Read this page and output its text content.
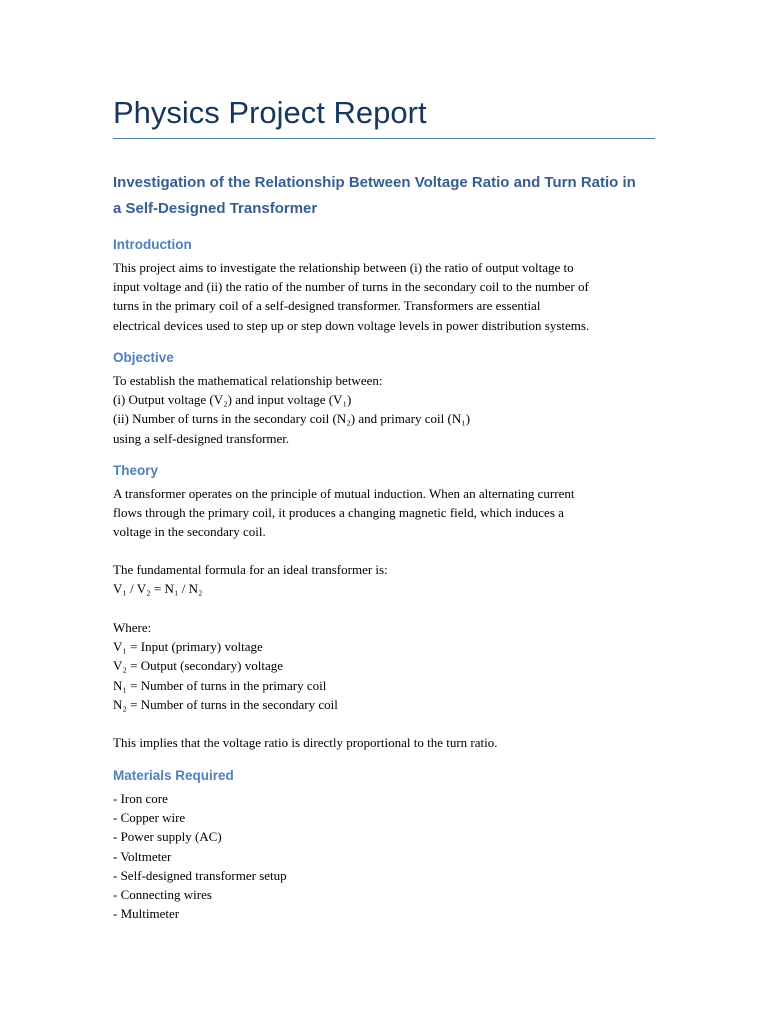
Physics Project Report
Investigation of the Relationship Between Voltage Ratio and Turn Ratio in
a Self-Designed Transformer
Introduction

This project aims to investigate the relationship between (i) the ratio of output voltage to
input voltage and (ii) the ratio of the number of turns in the secondary coil to the number of
turns in the primary coil of a self-designed transformer. Transformers are essential
electrical devices used to step up or step down voltage levels in power distribution systems.

Objective

To establish the mathematical relationship between:
(i) Output voltage (V₂) and input voltage (V₁)
(ii) Number of turns in the secondary coil (N₂) and primary coil (N₁)
using a self-designed transformer.

Theory

A transformer operates on the principle of mutual induction. When an alternating current
flows through the primary coil, it produces a changing magnetic field, which induces a
voltage in the secondary coil.

The fundamental formula for an ideal transformer is:
V₁ / V₂ = N₁ / N₂

Where:
V₁ = Input (primary) voltage
V₂ = Output (secondary) voltage
N₁ = Number of turns in the primary coil
N₂ = Number of turns in the secondary coil

This implies that the voltage ratio is directly proportional to the turn ratio.

Materials Required

- Iron core
- Copper wire
- Power supply (AC)
- Voltmeter
- Self-designed transformer setup
- Connecting wires
- Multimeter
